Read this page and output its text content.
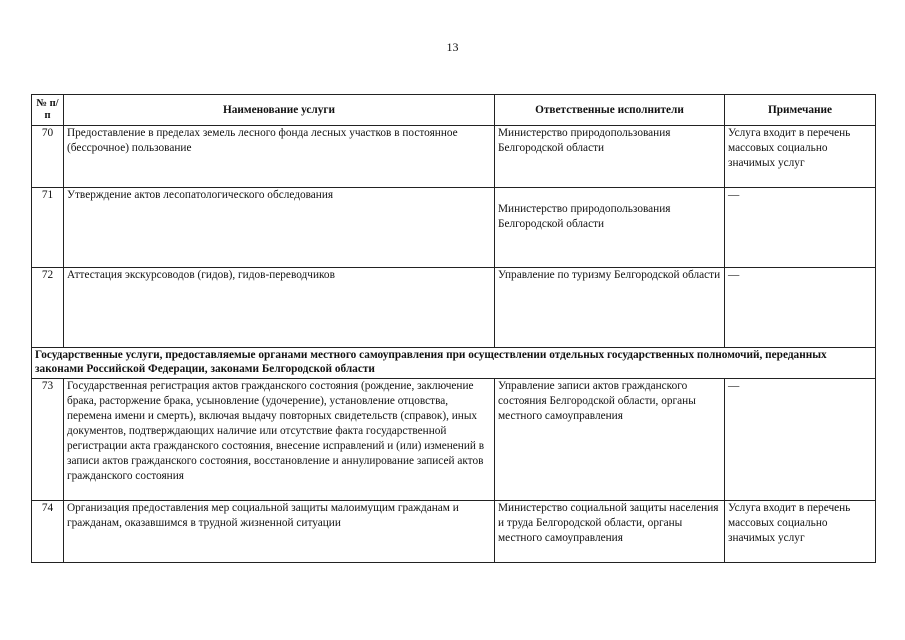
13
№ п/п	Наименование услуги	Ответственные исполнители	Примечание
70	Предоставление в пределах земель лесного фонда лесных участков в постоянное (бессрочное) пользование	Министерство природопользования Белгородской области	Услуга входит в перечень массовых социально значимых услуг
71	Утверждение актов лесопатологического обследования	Министерство природопользования Белгородской области	—
72	Аттестация экскурсоводов (гидов), гидов-переводчиков	Управление по туризму Белгородской области	—
Государственные услуги, предоставляемые органами местного самоуправления при осуществлении отдельных государственных полномочий, переданных законами Российской Федерации, законами Белгородской области			
73	Государственная регистрация актов гражданского состояния (рождение, заключение брака, расторжение брака, усыновление (удочерение), установление отцовства, перемена имени и смерть), включая выдачу повторных свидетельств (справок), иных документов, подтверждающих наличие или отсутствие факта государственной регистрации акта гражданского состояния, внесение исправлений и (или) изменений в записи актов гражданского состояния, восстановление и аннулирование записей актов гражданского состояния	Управление записи актов гражданского состояния Белгородской области, органы местного самоуправления	—
74	Организация предоставления мер социальной защиты малоимущим гражданам и гражданам, оказавшимся в трудной жизненной ситуации	Министерство социальной защиты населения и труда Белгородской области, органы местного самоуправления	Услуга входит в перечень массовых социально значимых услуг
